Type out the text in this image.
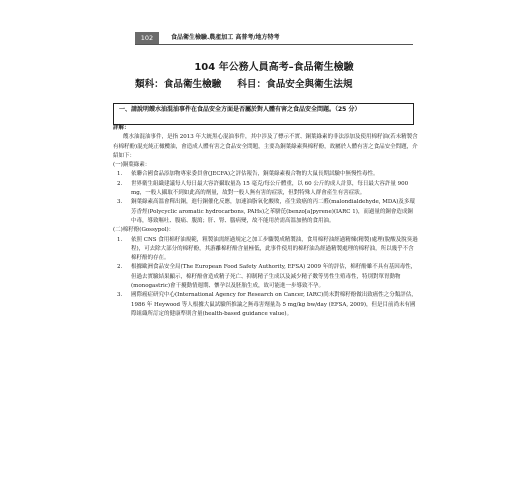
102	食品衛生檢驗.農產加工 高普考/地方特考
104 年公務人員高考–食品衛生檢驗
類科：食品衛生檢驗 科目：食品安全與衛生法規
一、請說明餿水油混油事件在食品安全方面是否屬於對人體有害之食品安全問題。（25 分）

詳解：

餿水油混油事件，是指 2013 年大統黑心混油事件，其中涉及了標示不實、銅葉綠素的非法添加及使用棉籽油(若未精製含有棉籽酚)混充純正橄欖油，會造成人體有害之食品安全問題，主要為銅葉綠素與棉籽酚，故屬於人體有害之食品安全問題，介紹如下：

(一)銅葉綠素：

1. 依聯合國食品添加物專家委員會(JECFA)之評估報告，銅葉綠素複合物的大鼠長期試驗中無慢性毒性。
2. 世界衛生組織建議每人每日最大容許攝取量為 15 毫克/每公斤體重，以 60 公斤的成人計算，每日最大容許量 900 mg，一般人攝取不到如此高的劑量，故對一般人無有害的症狀，但對特殊人群會產生有害症狀。
3. 銅葉綠素高溫會釋出銅，進行銅催化反應，加速油脂氧化酸敗，產生致癌的丙二醛(malondialdehyde, MDA)及多環芳香烴(Polycyclic aromatic hydrocarbons, PAHs)之苯駢芘(benzo[a]pyrene)(IARC 1)，而過量的銅會造成銅中毒，導致嘔吐、腹痛、腹瀉；肝、腎、腦病變，故不能用於需高溫加熱的食用油。

(二)棉籽酚(Gossypol)：

1. 依照 CNS 食用棉籽油規範，粗製油需經過規定之加工步驟製成精製油，食用棉籽油經過精煉(精製)處理(脫酸及脫臭過程)，可去除大部分的棉籽酚，其游離棉籽酚含量極低，此事件使用的棉籽油為經過精製處理的棉籽油，所以幾乎不含棉籽酚的存在。
2. 根據歐洲食品安全局(The European Food Safety Authority, EFSA) 2009 年的評估，棉籽酚雖不具有基因毒性，但過去實驗結果顯示，棉籽酚會造成精子死亡、抑制精子生成以及減少精子數等男性生殖毒性，特別對單胃動物(monogastric)會干擾動情週期、懷孕以及胚胎生成，故可能進一步導致不孕。
3. 國際癌症研究中心(International Agency for Research on Cancer, IARC)尚未對棉籽酚做出致癌性之分類評估，1986 年 Heywood 等人根據大鼠試驗所推論之無毒害劑量為 5 mg/kg bw/day (EFSA, 2009)，但是目前尚未有國際組織所訂定的健康準則含量(health-based guidance value)。
